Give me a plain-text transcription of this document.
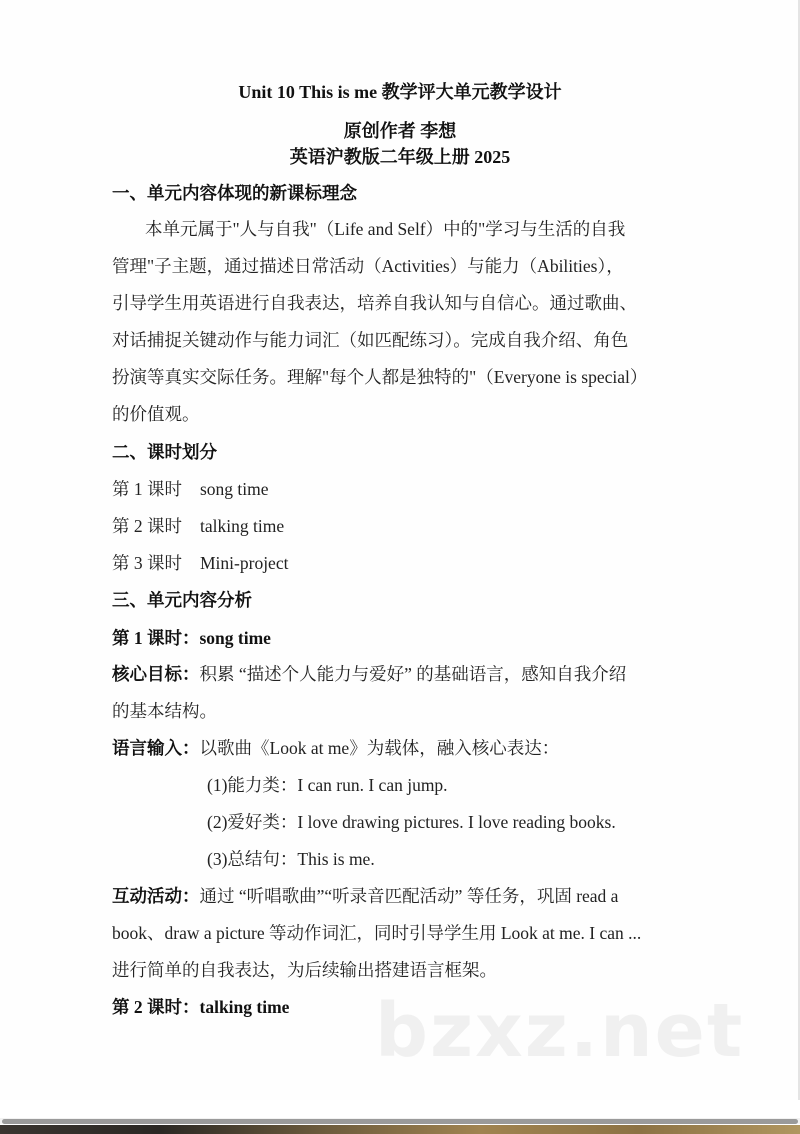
Unit 10 This is me 教学评大单元教学设计
原创作者 李想
英语沪教版二年级上册 2025
一、单元内容体现的新课标理念
本单元属于"人与自我"（Life and Self）中的"学习与生活的自我
管理"子主题，通过描述日常活动（Activities）与能力（Abilities），
引导学生用英语进行自我表达，培养自我认知与自信心。通过歌曲、
对话捕捉关键动作与能力词汇（如匹配练习）。完成自我介绍、角色
扮演等真实交际任务。理解"每个人都是独特的"（Everyone is special）
的价值观。
二、课时划分
第 1 课时 song time
第 2 课时 talking time
第 3 课时 Mini-project
三、单元内容分析
第 1 课时：song time
核心目标：积累 “描述个人能力与爱好” 的基础语言，感知自我介绍
的基本结构。
语言输入：以歌曲《Look at me》为载体，融入核心表达：
(1)能力类：I can run. I can jump.
(2)爱好类：I love drawing pictures. I love reading books.
(3)总结句：This is me.
互动活动：通过 “听唱歌曲”“听录音匹配活动” 等任务，巩固 read a
book、draw a picture 等动作词汇，同时引导学生用 Look at me. I can ...
进行简单的自我表达，为后续输出搭建语言框架。
bzxz.net
第 2 课时：talking time
